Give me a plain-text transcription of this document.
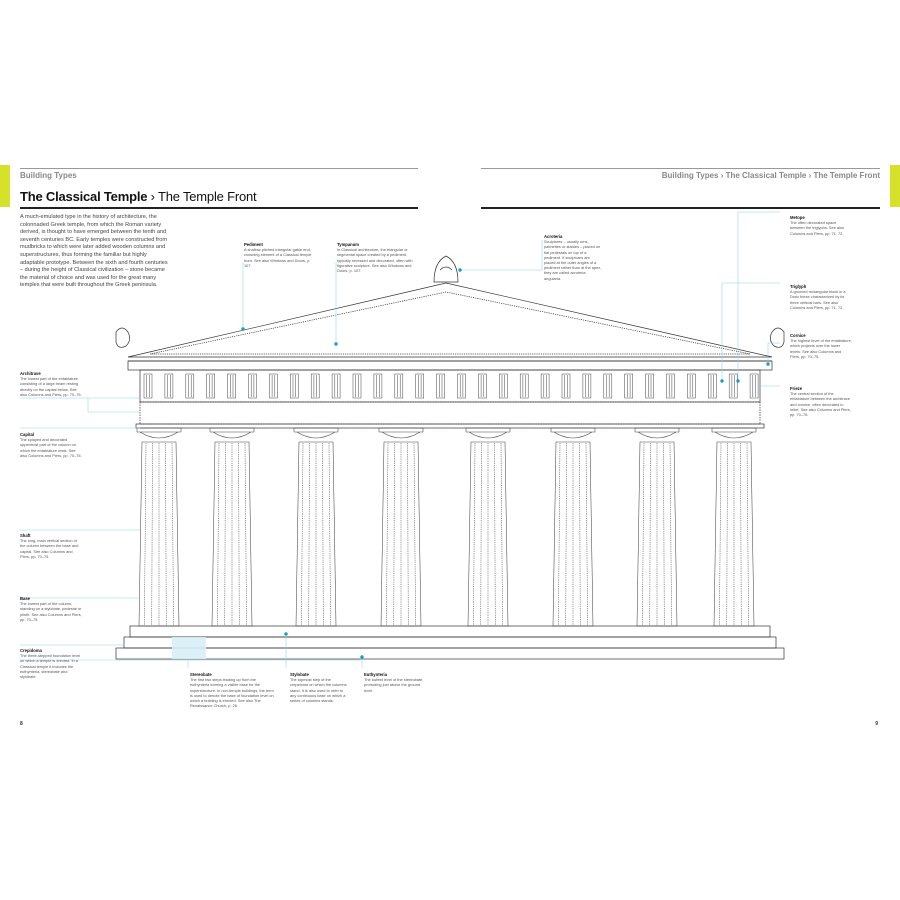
Building Types	Building Types › The Classical Temple › The Temple Front
The Classical Temple › The Temple Front
A much-emulated type in the history of architecture, the colonnaded Greek temple, from which the Roman variety derived, is thought to have emerged between the tenth and seventh centuries BC. Early temples were constructed from mudbricks to which were later added wooden columns and superstructures, thus forming the familiar but highly adaptable prototype. Between the sixth and fourth centuries – during the height of Classical civilization – stone became the material of choice and was used for the great many temples that were built throughout the Greek peninsula.
Pediment
A shallow-pitched triangular gable end, crowning element of a Classical temple front. See also Windows and Doors, p. 107.
Tympanum
In Classical architecture, the triangular or segmental space created by a pediment, typically recessed and decorated, often with figurative sculpture. See also Windows and Doors, p. 107.
Acroteria
Sculptures – usually urns, palmettes or statues – placed on flat pedestals on top of a pediment. If sculptures are placed at the outer angles of a pediment rather than at the apex, they are called acroteria angularia.
Metope
The often decorated space between the triglyphs. See also Columns and Piers, pp. 71, 72.
Triglyph
A grooved rectangular block in a Doric frieze characterized by its three vertical bars. See also Columns and Piers, pp. 71, 72.
Cornice
The highest level of the entablature, which projects over the lower levels. See also Columns and Piers, pp. 70–75.
Frieze
The central section of the entablature between the architrave and cornice, often decorated in relief. See also Columns and Piers, pp. 70–75.
Architrave
The lowest part of the entablature consisting of a large beam resting directly on the capital below. See also Columns and Piers, pp. 70–75.
Capital
The splayed and decorated uppermost part of the column on which the entablature rests. See also Columns and Piers, pp. 70–75.
Shaft
The long, main vertical section of the column between the base and capital. See also Columns and Piers, pp. 70–75.
Base
The lowest part of the column, standing on a stylobate, pedestal or plinth. See also Columns and Piers, pp. 70–75.
Crepidoma
The three-stepped foundation level on which a temple is erected. In a Classical temple it includes the euthynteria, stereobate and stylobate.	Stereobate
The first two steps leading up from the euthynteria forming a visible base for the superstructure. In non-temple buildings, the term is used to denote the base of foundation level on which a building is erected. See also The Renaissance Church, p. 26.
Stylobate
The topmost step of the crepidoma on which the columns stand. It is also used to refer to any continuous base on which a series of columns stands.
Euthynteria
The lowest level of the stereobate, protruding just above the ground level.
8	9
